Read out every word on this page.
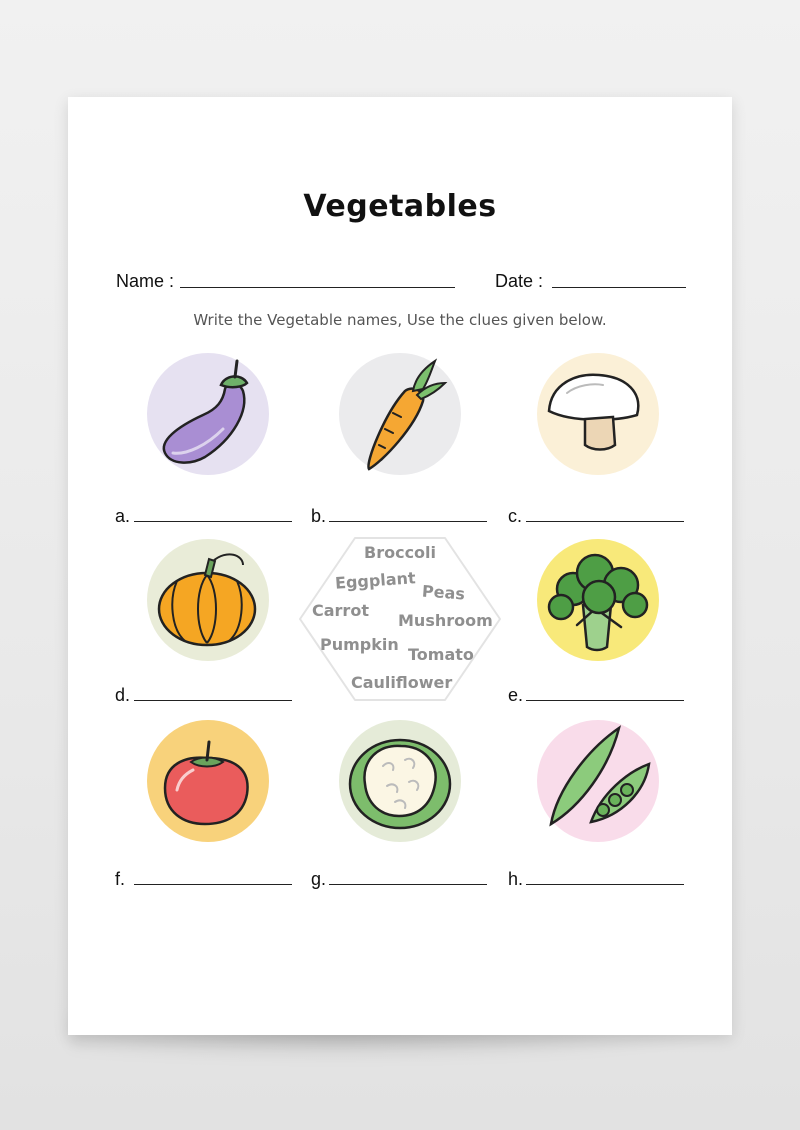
Vegetables
Name :	Date :
Write the Vegetable names, Use the clues given below.
a.	b.	c.
Broccoli
Eggplant Peas
Carrot
Mushroom
Pumpkin
Tomato
Cauliflower
d.	e.
f.	g.	h.
